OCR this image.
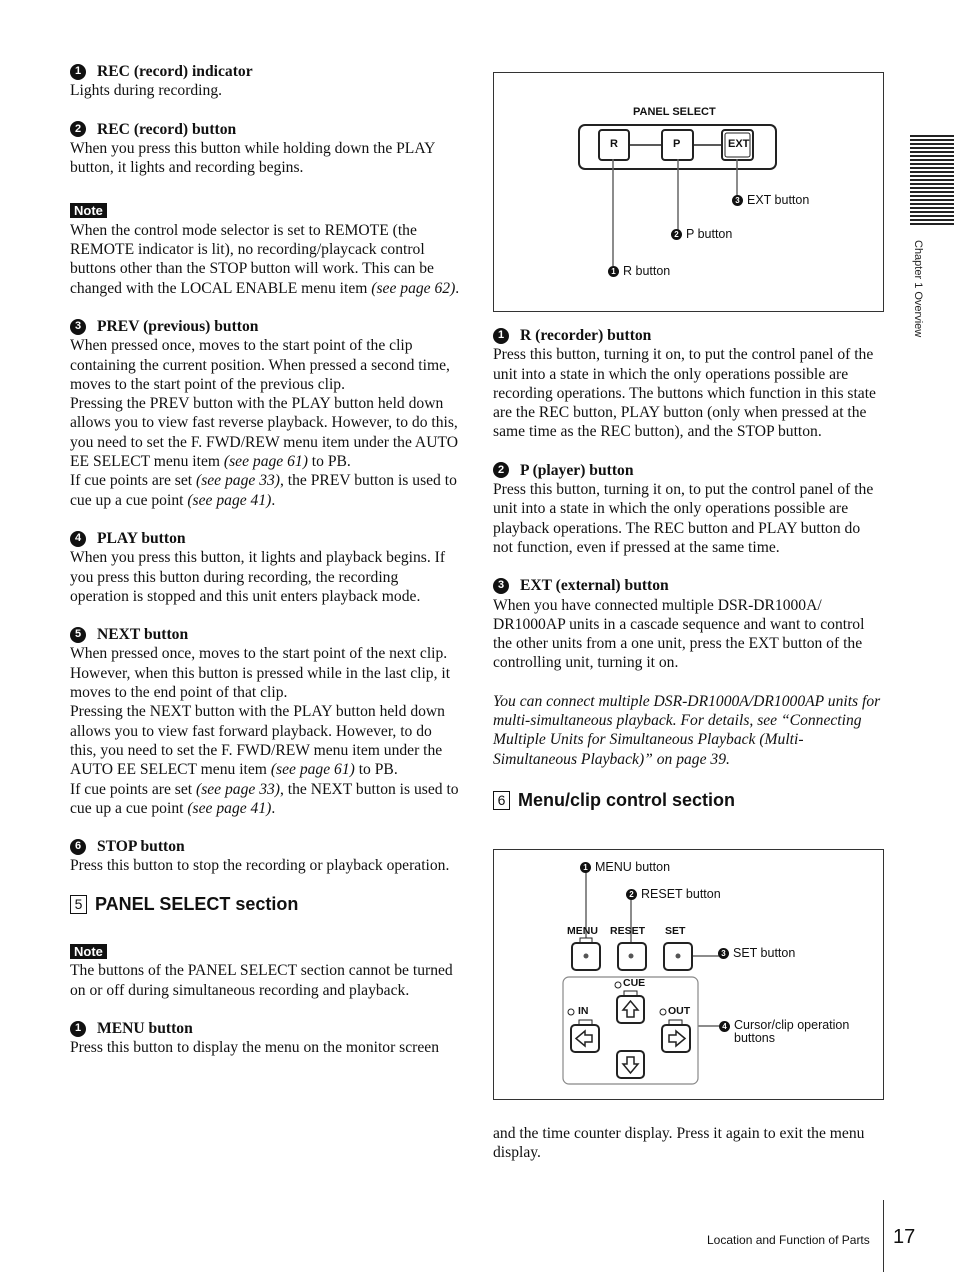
1	REC (record) indicator

Lights during recording.

2	REC (record) button

When you press this button while holding down the PLAY button, it lights and recording begins.

Note

When the control mode selector is set to REMOTE (the REMOTE indicator is lit), no recording/playcack control buttons other than the STOP button will work. This can be changed with the LOCAL ENABLE menu item (see page 62).

3	PREV (previous) button

When pressed once, moves to the start point of the clip containing the current position. When pressed a second time, moves to the start point of the previous clip.

Pressing the PREV button with the PLAY button held down allows you to view fast reverse playback. However, to do this, you need to set the F. FWD/REW menu item under the AUTO EE SELECT menu item (see page 61) to PB.

If cue points are set (see page 33), the PREV button is used to cue up a cue point (see page 41).

4	PLAY button

When you press this button, it lights and playback begins. If you press this button during recording, the recording operation is stopped and this unit enters playback mode.

5	NEXT button

When pressed once, moves to the start point of the next clip. However, when this button is pressed while in the last clip, it moves to the end point of that clip.

Pressing the NEXT button with the PLAY button held down allows you to view fast forward playback. However, to do this, you need to set the F. FWD/REW menu item under the AUTO EE SELECT menu item (see page 61) to PB.

If cue points are set (see page 33), the NEXT button is used to cue up a cue point (see page 41).

6	STOP button

Press this button to stop the recording or playback operation.

5 PANEL SELECT section
Note

The buttons of the PANEL SELECT section cannot be turned on or off during simultaneous recording and playback.

1	MENU button

Press this button to display the menu on the monitor screen

PANEL SELECT
R	P	EXT
3 EXT button
2 P button
1 R button
1	R (recorder) button

Press this button, turning it on, to put the control panel of the unit into a state in which the only operations possible are recording operations. The buttons which function in this state are the REC button, PLAY button (only when pressed at the same time as the REC button), and the STOP button.

2	P (player) button

Press this button, turning it on, to put the control panel of the unit into a state in which the only operations possible are playback operations. The REC button and PLAY button do not function, even if pressed at the same time.

3	EXT (external) button

When you have connected multiple DSR-DR1000A/ DR1000AP units in a cascade sequence and want to control the other units from a one unit, press the EXT button of the controlling unit, turning it on.

You can connect multiple DSR-DR1000A/DR1000AP units for multi-simultaneous playback. For details, see “Connecting Multiple Units for Simultaneous Playback (Multi-Simultaneous Playback)” on page 39.

6 Menu/clip control section
MENU RESET SET
CUE
IN	OUT
1 MENU button
2 RESET button
3 SET button
4 Cursor/clip operation buttons

and the time counter display. Press it again to exit the menu display.

Chapter 1 Overview
Location and Function of Parts 17
